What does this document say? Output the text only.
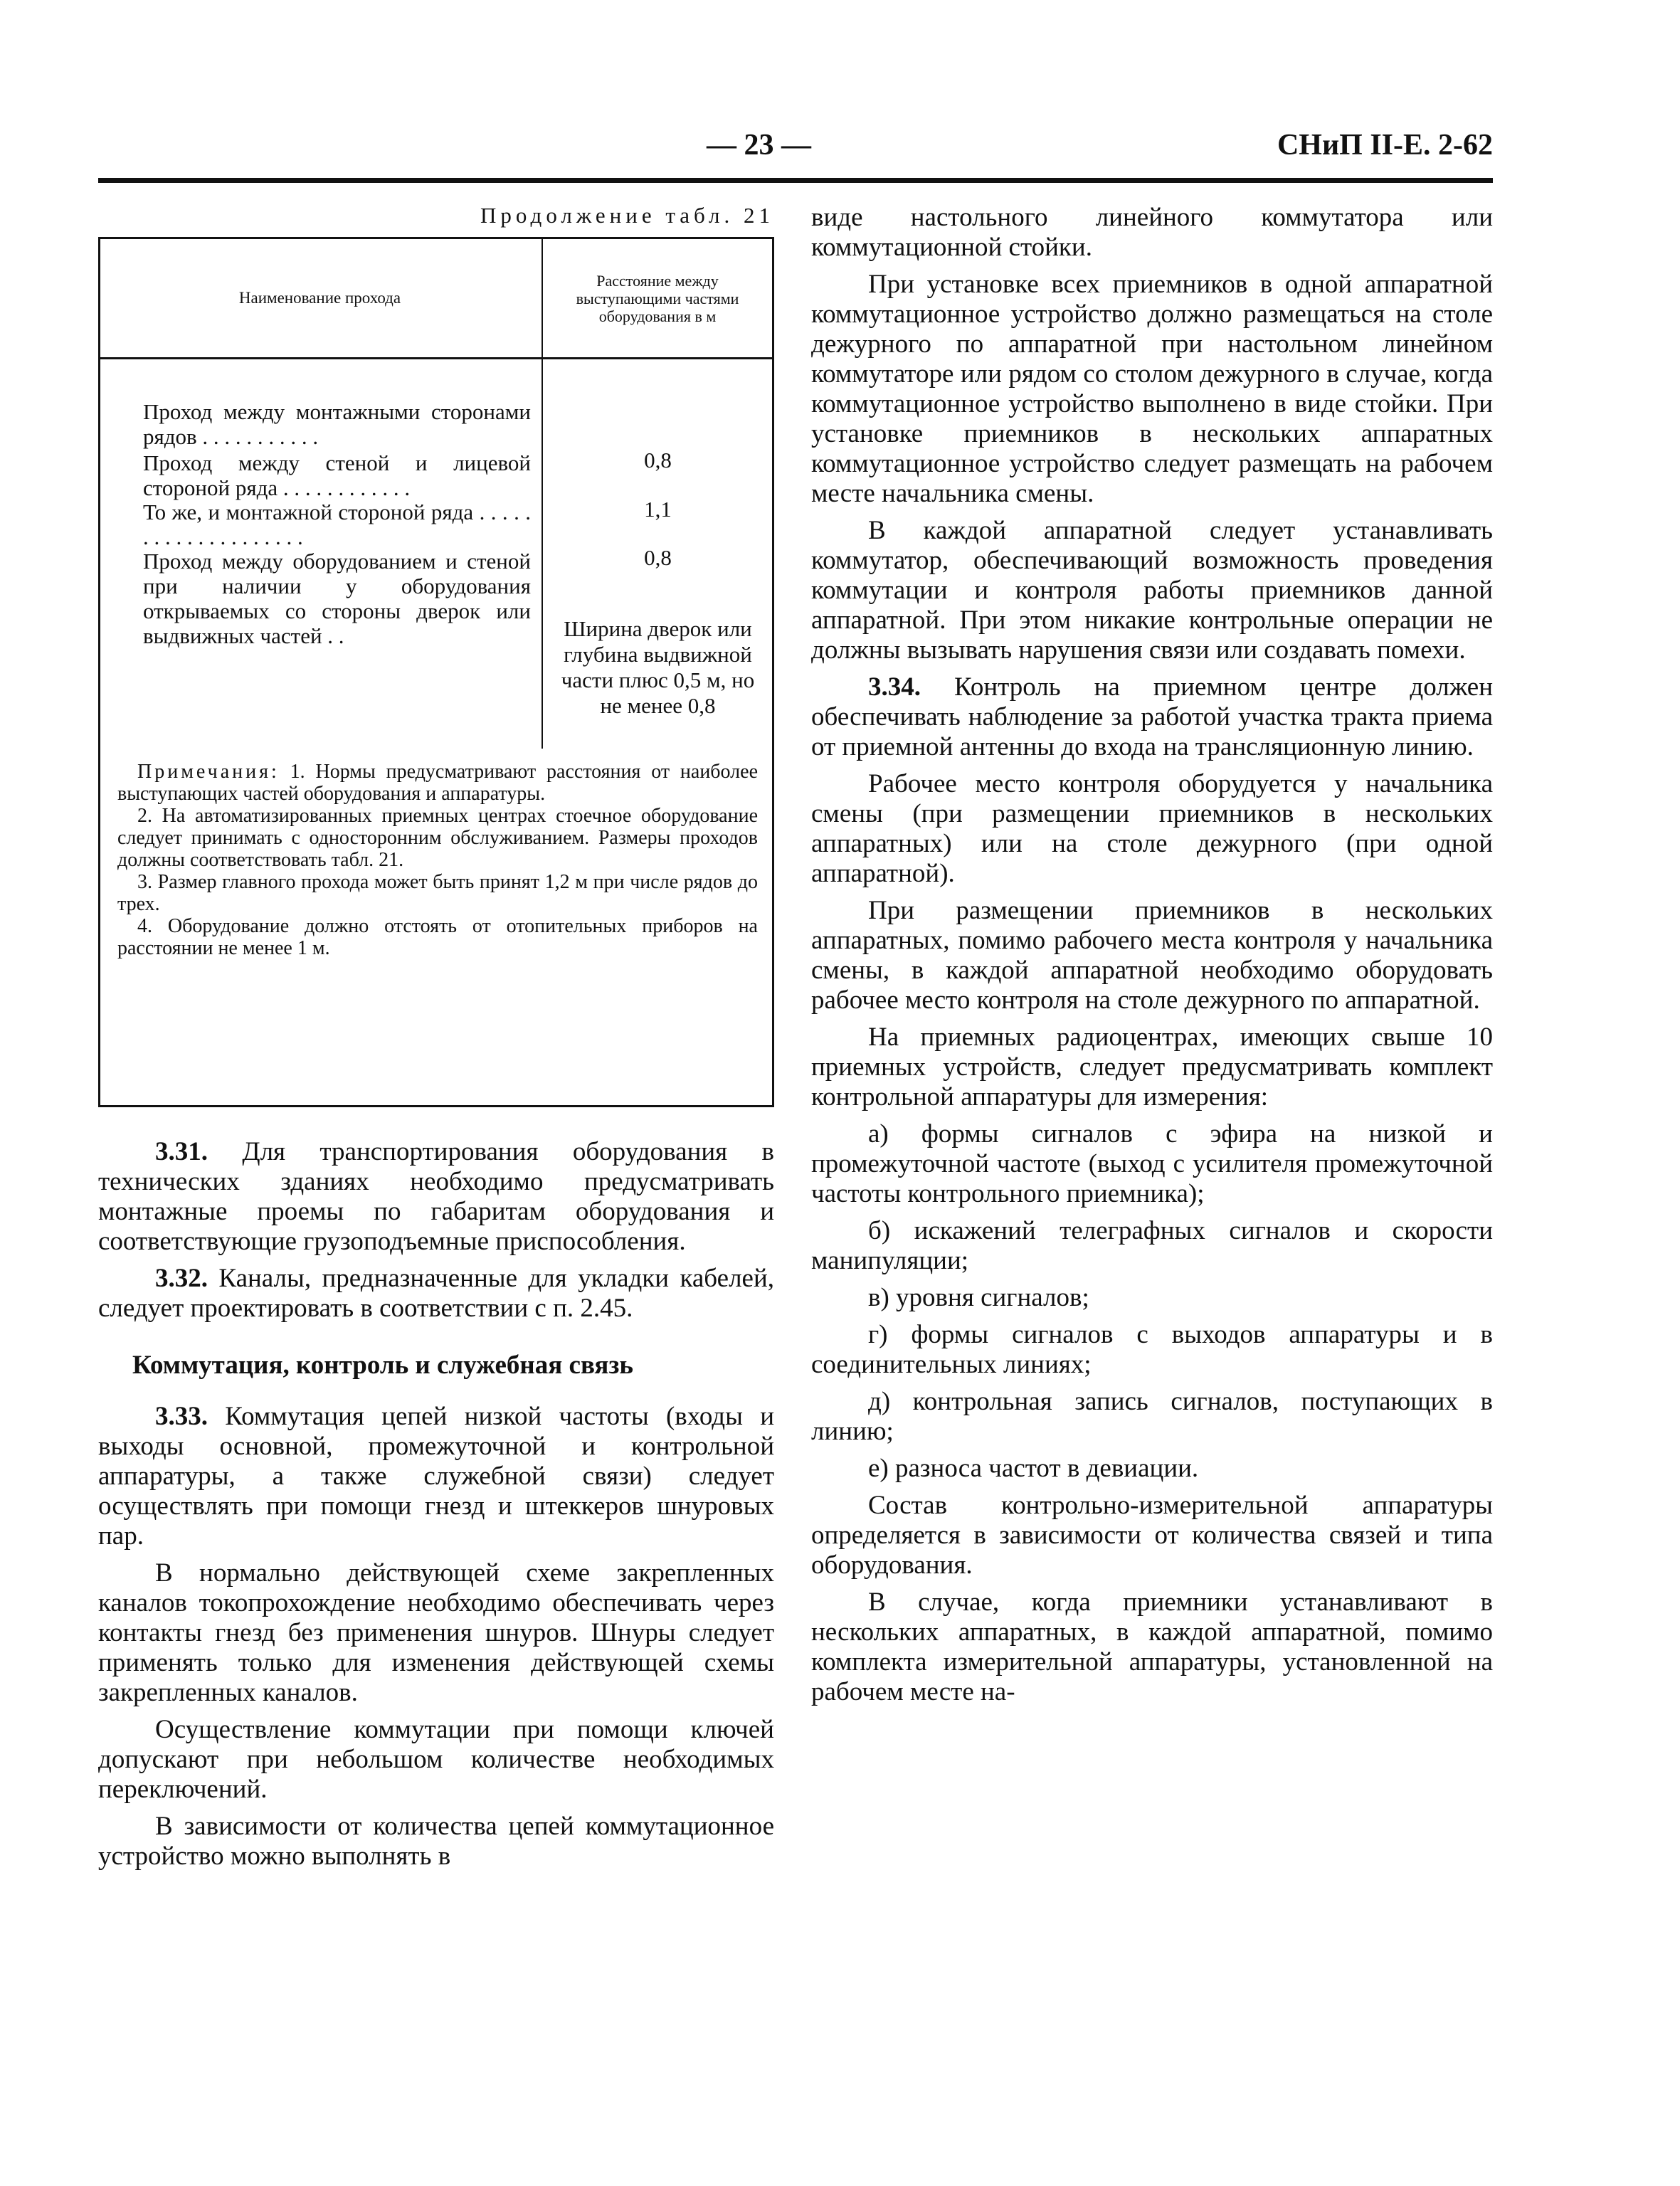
— 23 —	СНиП II-Е. 2-62
Продолжение табл. 21
Наименование прохода
Расстояние между выступающими частями оборудования в м
Проход между монтажными сторонами рядов . . . . . . . . . . .
0,8
Проход между стеной и лицевой стороной ряда . . . . . . . . . . . .
1,1
То же, и монтажной стороной ряда . . . . . . . . . . . . . . . . . . . .
0,8
Проход между оборудованием и стеной при наличии у оборудования открываемых со стороны дверок или выдвижных частей . .	Ширина дверок или глубина выдвижной части плюс 0,5 м, но не менее 0,8

Примечания: 1. Нормы предусматривают расстояния от наиболее выступающих частей оборудования и аппаратуры.

2. На автоматизированных приемных центрах стоечное оборудование следует принимать с односторонним обслуживанием. Размеры проходов должны соответствовать табл. 21.

3. Размер главного прохода может быть принят 1,2 м при числе рядов до трех.

4. Оборудование должно отстоять от отопительных приборов на расстоянии не менее 1 м.

3.31. Для транспортирования оборудования в технических зданиях необходимо предусматривать монтажные проемы по габаритам оборудования и соответствующие грузоподъемные приспособления.

3.32. Каналы, предназначенные для укладки кабелей, следует проектировать в соответствии с п. 2.45.

Коммутация, контроль и служебная связь

3.33. Коммутация цепей низкой частоты (входы и выходы основной, промежуточной и контрольной аппаратуры, а также служебной связи) следует осуществлять при помощи гнезд и штеккеров шнуровых пар.

В нормально действующей схеме закрепленных каналов токопрохождение необходимо обеспечивать через контакты гнезд без применения шнуров. Шнуры следует применять только для изменения действующей схемы закрепленных каналов.

Осуществление коммутации при помощи ключей допускают при небольшом количестве необходимых переключений.

В зависимости от количества цепей коммутационное устройство можно выполнять в

виде настольного линейного коммутатора или коммутационной стойки.

При установке всех приемников в одной аппаратной коммутационное устройство должно размещаться на столе дежурного по аппаратной при настольном линейном коммутаторе или рядом со столом дежурного в случае, когда коммутационное устройство выполнено в виде стойки. При установке приемников в нескольких аппаратных коммутационное устройство следует размещать на рабочем месте начальника смены.

В каждой аппаратной следует устанавливать коммутатор, обеспечивающий возможность проведения коммутации и контроля работы приемников данной аппаратной. При этом никакие контрольные операции не должны вызывать нарушения связи или создавать помехи.

3.34. Контроль на приемном центре должен обеспечивать наблюдение за работой участка тракта приема от приемной антенны до входа на трансляционную линию.

Рабочее место контроля оборудуется у начальника смены (при размещении приемников в нескольких аппаратных) или на столе дежурного (при одной аппаратной).

При размещении приемников в нескольких аппаратных, помимо рабочего места контроля у начальника смены, в каждой аппаратной необходимо оборудовать рабочее место контроля на столе дежурного по аппаратной.

На приемных радиоцентрах, имеющих свыше 10 приемных устройств, следует предусматривать комплект контрольной аппаратуры для измерения:

а) формы сигналов с эфира на низкой и промежуточной частоте (выход с усилителя промежуточной частоты контрольного приемника);

б) искажений телеграфных сигналов и скорости манипуляции;

в) уровня сигналов;

г) формы сигналов с выходов аппаратуры и в соединительных линиях;

д) контрольная запись сигналов, поступающих в линию;

е) разноса частот в девиации.

Состав контрольно-измерительной аппаратуры определяется в зависимости от количества связей и типа оборудования.

В случае, когда приемники устанавливают в нескольких аппаратных, в каждой аппаратной, помимо комплекта измерительной аппаратуры, установленной на рабочем месте на-
